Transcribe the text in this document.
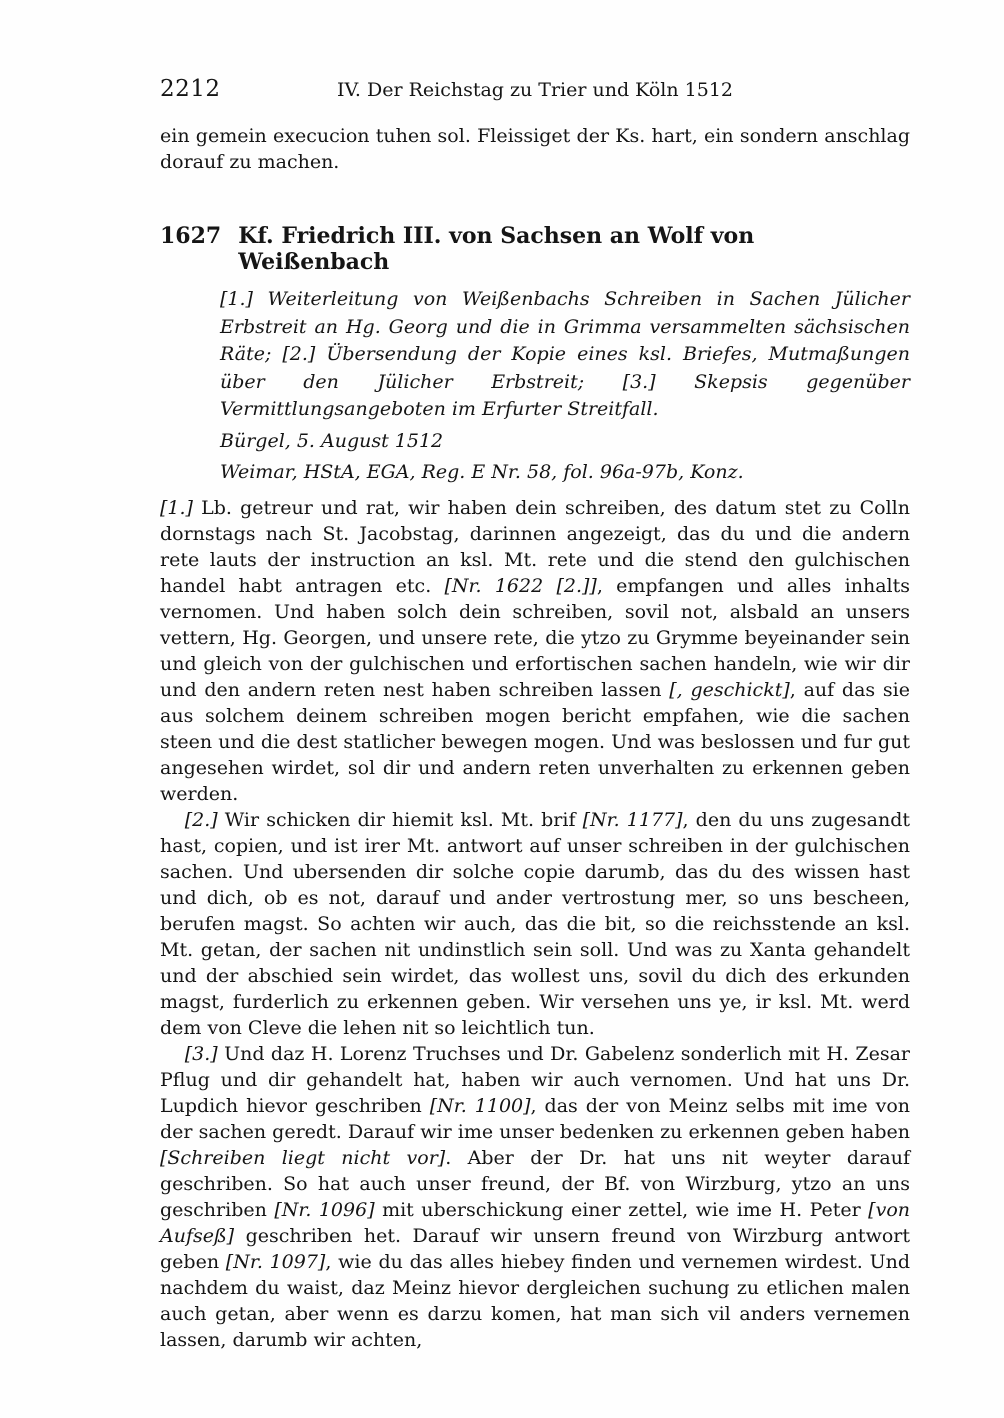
2212	IV. Der Reichstag zu Trier und Köln 1512

ein gemein execucion tuhen sol. Fleissiget der Ks. hart, ein sondern anschlag dorauf zu machen.

1627 Kf. Friedrich III. von Sachsen an Wolf von Weißenbach

[1.] Weiterleitung von Weißenbachs Schreiben in Sachen Jülicher Erbstreit an Hg. Georg und die in Grimma versammelten sächsischen Räte; [2.] Übersendung der Kopie eines ksl. Briefes, Mutmaßungen über den Jülicher Erbstreit; [3.] Skepsis gegenüber Vermittlungsangeboten im Erfurter Streitfall.

Bürgel, 5. August 1512

Weimar, HStA, EGA, Reg. E Nr. 58, fol. 96a-97b, Konz.

[1.] Lb. getreur und rat, wir haben dein schreiben, des datum stet zu Colln dornstags nach St. Jacobstag, darinnen angezeigt, das du und die andern rete lauts der instruction an ksl. Mt. rete und die stend den gulchischen handel habt antragen etc. [Nr. 1622 [2.]], empfangen und alles inhalts vernomen. Und haben solch dein schreiben, sovil not, alsbald an unsers vettern, Hg. Georgen, und unsere rete, die ytzo zu Grymme beyeinander sein und gleich von der gulchischen und erfortischen sachen handeln, wie wir dir und den andern reten nest haben schreiben lassen [, geschickt], auf das sie aus solchem deinem schreiben mogen bericht empfahen, wie die sachen steen und die dest statlicher bewegen mogen. Und was beslossen und fur gut angesehen wirdet, sol dir und andern reten unverhalten zu erkennen geben werden.

[2.] Wir schicken dir hiemit ksl. Mt. brif [Nr. 1177], den du uns zugesandt hast, copien, und ist irer Mt. antwort auf unser schreiben in der gulchischen sachen. Und ubersenden dir solche copie darumb, das du des wissen hast und dich, ob es not, darauf und ander vertrostung mer, so uns bescheen, berufen magst. So achten wir auch, das die bit, so die reichsstende an ksl. Mt. getan, der sachen nit undinstlich sein soll. Und was zu Xanta gehandelt und der abschied sein wirdet, das wollest uns, sovil du dich des erkunden magst, furderlich zu erkennen geben. Wir versehen uns ye, ir ksl. Mt. werd dem von Cleve die lehen nit so leichtlich tun.

[3.] Und daz H. Lorenz Truchses und Dr. Gabelenz sonderlich mit H. Zesar Pflug und dir gehandelt hat, haben wir auch vernomen. Und hat uns Dr. Lupdich hievor geschriben [Nr. 1100], das der von Meinz selbs mit ime von der sachen geredt. Darauf wir ime unser bedenken zu erkennen geben haben [Schreiben liegt nicht vor]. Aber der Dr. hat uns nit weyter darauf geschriben. So hat auch unser freund, der Bf. von Wirzburg, ytzo an uns geschriben [Nr. 1096] mit uberschickung einer zettel, wie ime H. Peter [von Aufseß] geschriben het. Darauf wir unsern freund von Wirzburg antwort geben [Nr. 1097], wie du das alles hiebey finden und vernemen wirdest. Und nachdem du waist, daz Meinz hievor dergleichen suchung zu etlichen malen auch getan, aber wenn es darzu komen, hat man sich vil anders vernemen lassen, darumb wir achten,
